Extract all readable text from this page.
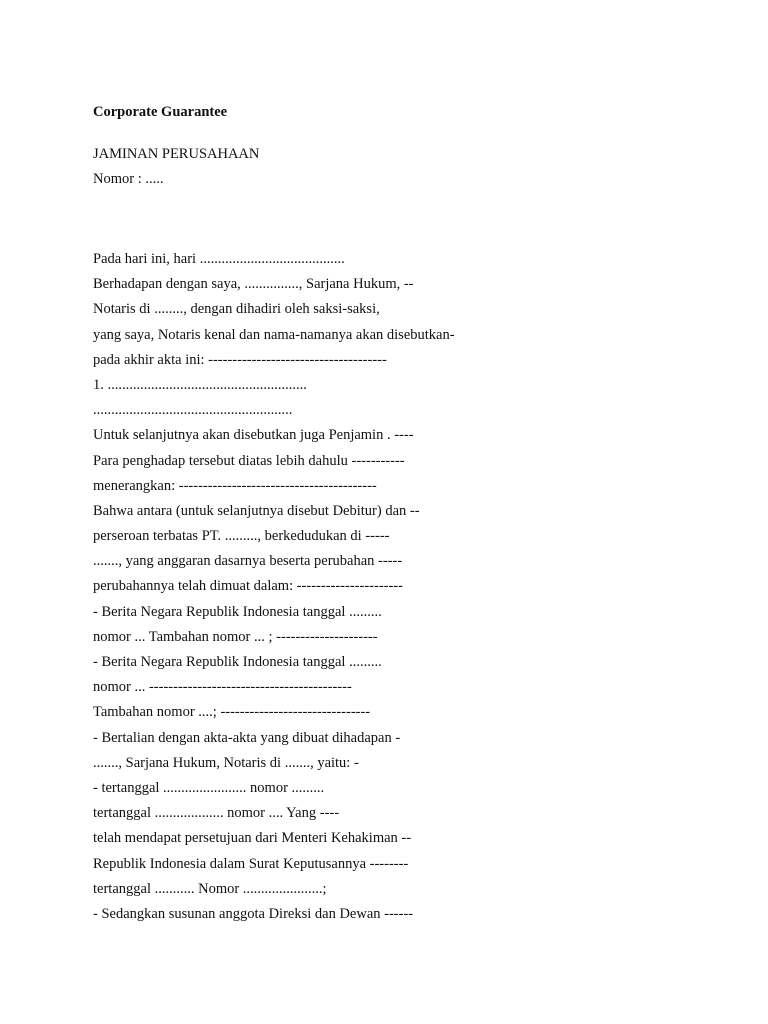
Corporate Guarantee
JAMINAN PERUSAHAAN
Nomor : .....
Pada hari ini, hari ........................................
Berhadapan dengan saya, ..............., Sarjana Hukum, --
Notaris di ........, dengan dihadiri oleh saksi-saksi,
yang saya, Notaris kenal dan nama-namanya akan disebutkan-
pada akhir akta ini: -------------------------------------
1. .......................................................
.......................................................
Untuk selanjutnya akan disebutkan juga Penjamin . ----
Para penghadap tersebut diatas lebih dahulu -----------
menerangkan: -----------------------------------------
Bahwa antara (untuk selanjutnya disebut Debitur) dan --
perseroan terbatas PT. ........., berkedudukan di -----
......., yang anggaran dasarnya beserta perubahan -----
perubahannya telah dimuat dalam: ----------------------
- Berita Negara Republik Indonesia tanggal .........
nomor ... Tambahan nomor ... ; ---------------------
- Berita Negara Republik Indonesia tanggal .........
nomor ... ------------------------------------------
Tambahan nomor ....; -------------------------------
- Bertalian dengan akta-akta yang dibuat dihadapan -
......., Sarjana Hukum, Notaris di ......., yaitu: -
- tertanggal ....................... nomor .........
tertanggal ................... nomor .... Yang ----
telah mendapat persetujuan dari Menteri Kehakiman --
Republik Indonesia dalam Surat Keputusannya --------
tertanggal ........... Nomor ......................;
- Sedangkan susunan anggota Direksi dan Dewan ------
